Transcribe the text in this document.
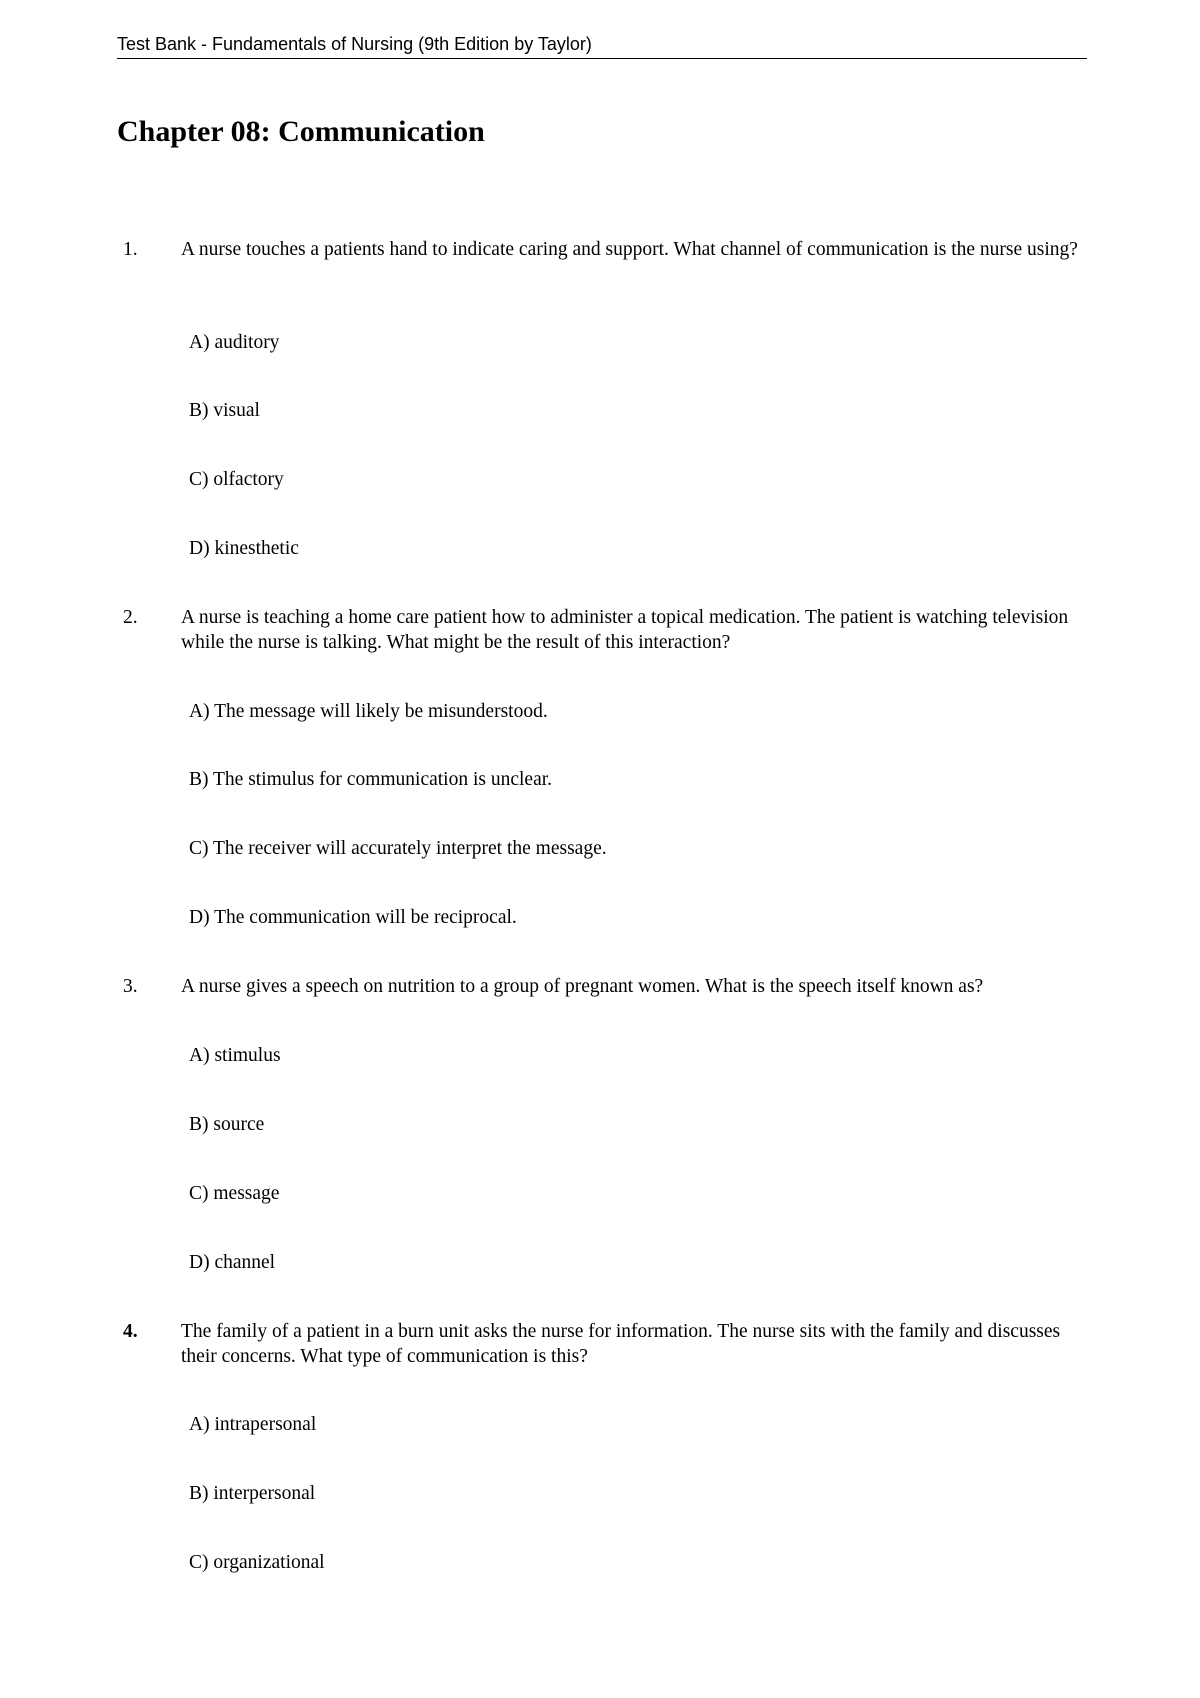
Test Bank - Fundamentals of Nursing (9th Edition by Taylor)
Chapter 08: Communication
1.	A nurse touches a patients hand to indicate caring and support. What channel of communication is the nurse using?
A) auditory
B) visual
C) olfactory
D) kinesthetic
2.	A nurse is teaching a home care patient how to administer a topical medication. The patient is watching television while the nurse is talking. What might be the result of this interaction?
A) The message will likely be misunderstood.
B) The stimulus for communication is unclear.
C) The receiver will accurately interpret the message.
D) The communication will be reciprocal.
3.	A nurse gives a speech on nutrition to a group of pregnant women. What is the speech itself known as?
A) stimulus
B) source
C) message
D) channel
4.	The family of a patient in a burn unit asks the nurse for information. The nurse sits with the family and discusses their concerns. What type of communication is this?
A) intrapersonal
B) interpersonal
C) organizational
